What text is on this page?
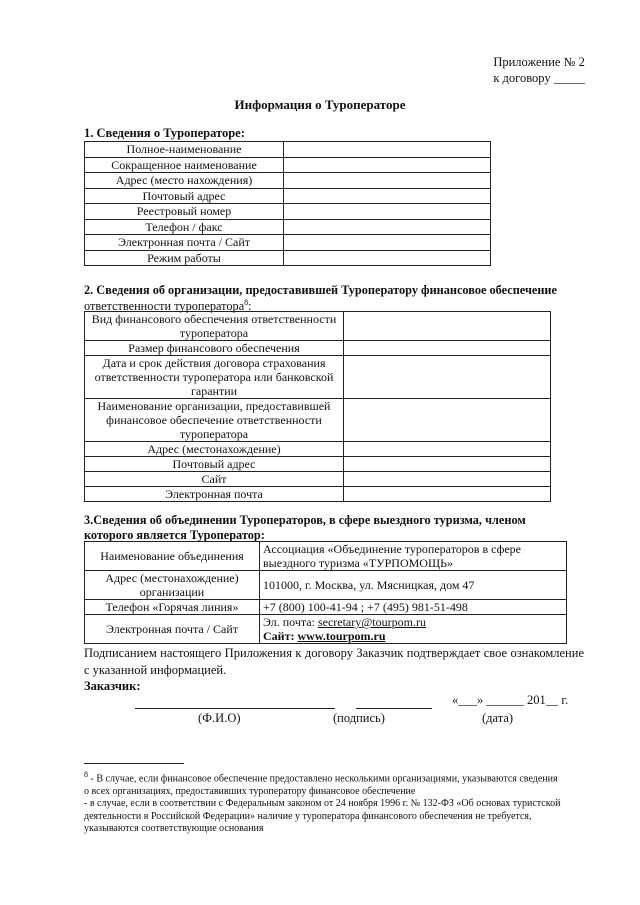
Приложение № 2
к договору _____
Информация о Туроператоре
1. Сведения о Туроператоре:
Полное-наименование	
Сокращенное наименование	
Адрес (место нахождения)	
Почтовый адрес	
Реестровый номер	
Телефон / факс	
Электронная почта / Сайт	
Режим работы	
2. Сведения об организации, предоставившей Туроператору финансовое обеспечение
ответственности туроператора$^8$:
Вид финансового обеспечения ответственности туроператора	
Размер финансового обеспечения	
Дата и срок действия договора страхования ответственности туроператора или банковской гарантии	
Наименование организации, предоставившей финансовое обеспечение ответственности туроператора	
Адрес (местонахождение)	
Почтовый адрес	
Сайт	
Электронная почта	
3.Сведения об объединении Туроператоров, в сфере выездного туризма, членом
которого является Туроператор:
Наименование объединения	Ассоциация «Объединение туроператоров в сфере выездного туризма «ТУРПОМОЩЬ»
Адрес (местонахождение) организации	101000, г. Москва, ул. Мясницкая, дом 47
Телефон «Горячая линия»	+7 (800) 100-41-94 ; +7 (495) 981-51-498
Электронная почта / Сайт	Эл. почта: secretary@tourpom.ru
Сайт: www.tourpom.ru
Подписанием настоящего Приложения к договору Заказчик подтверждает свое ознакомление с указанной информацией.
Заказчик:
«___» ______ 201__ г.
(Ф.И.О)	(подпись)	(дата)
$^8$ - В случае, если финансовое обеспечение предоставлено несколькими организациями, указываются сведения о всех организациях, предоставивших туроператору финансовое обеспечение
- в случае, если в соответствии с Федеральным законом от 24 ноября 1996 г. № 132-ФЗ «Об основах туристской деятельности в Российской Федерации» наличие у туроператора финансового обеспечения не требуется, указываются соответствующие основания
